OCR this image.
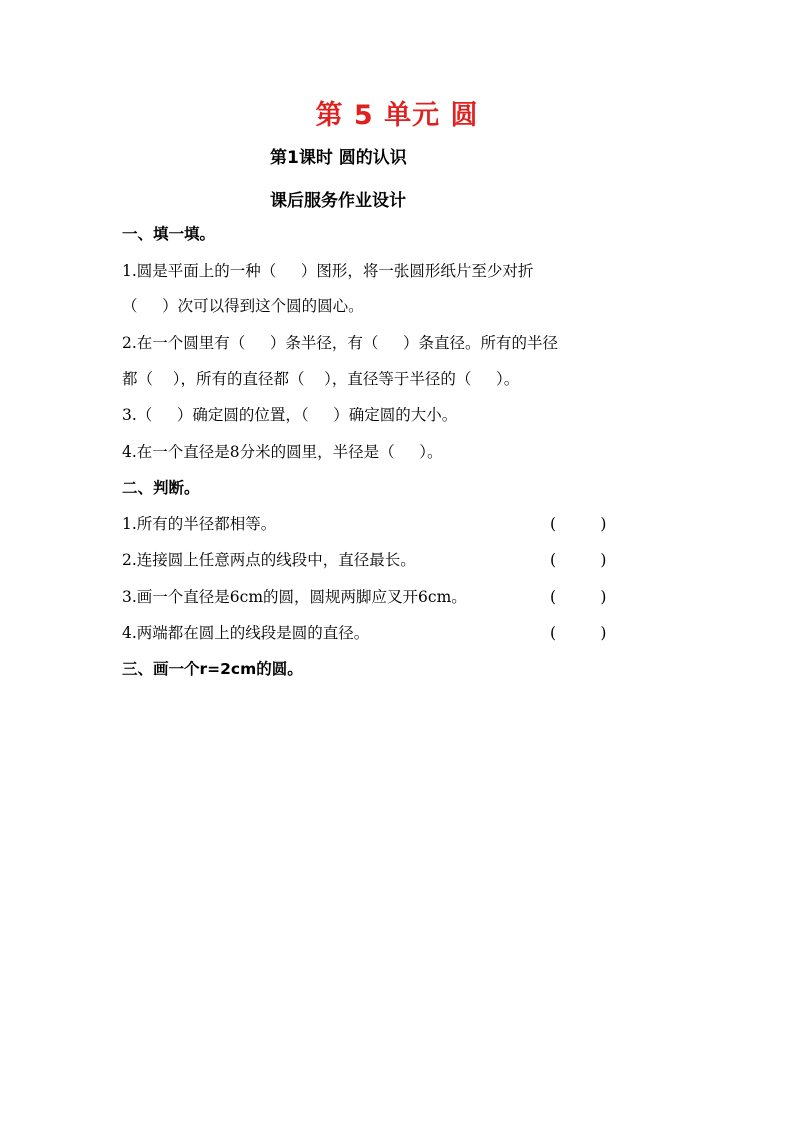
第 5 单元 圆
第1课时 圆的认识
课后服务作业设计
一、填一填。
1.圆是平面上的一种（     ）图形，将一张圆形纸片至少对折
（     ）次可以得到这个圆的圆心。
2.在一个圆里有（     ）条半径，有（     ）条直径。所有的半径
都（    ），所有的直径都（    ），直径等于半径的（     ）。
3.（     ）确定圆的位置，（     ）确定圆的大小。
4.在一个直径是8分米的圆里，半径是（     ）。
二、判断。

1.所有的半径都相等。

	(         )

2.连接圆上任意两点的线段中，直径最长。

	(         )

3.画一个直径是6cm的圆，圆规两脚应叉开6cm。

	(         )

4.两端都在圆上的线段是圆的直径。

	(         )

三、画一个r=2cm的圆。
